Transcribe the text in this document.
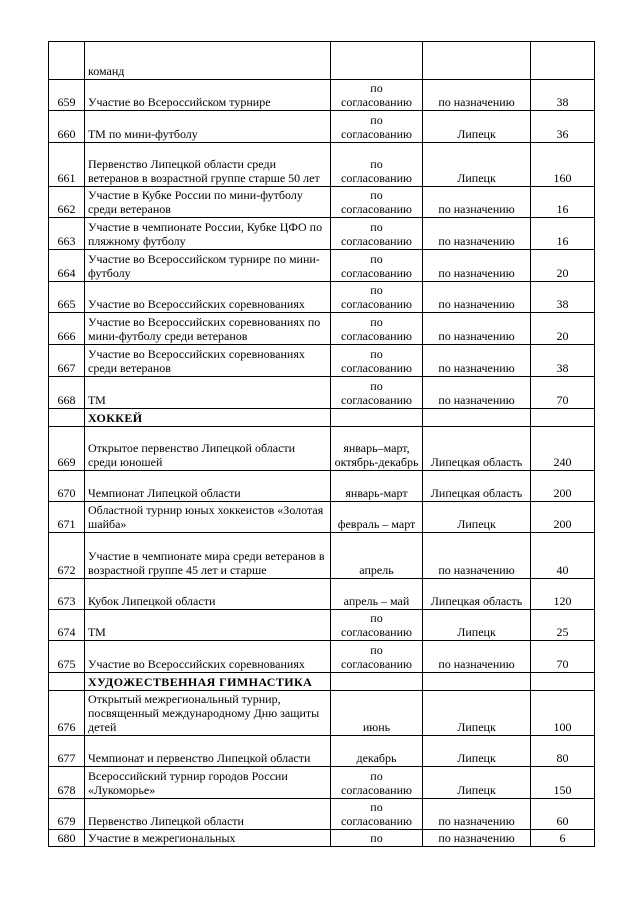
	команд			
659	Участие во Всероссийском турнире	по согласованию	по назначению	38
660	ТМ по мини-футболу	по согласованию	Липецк	36
661	Первенство Липецкой области среди ветеранов в возрастной группе старше 50 лет	по согласованию	Липецк	160
662	Участие в Кубке России по мини-футболу среди ветеранов	по согласованию	по назначению	16
663	Участие в чемпионате России, Кубке ЦФО по пляжному футболу	по согласованию	по назначению	16
664	Участие во Всероссийском турнире по мини-футболу	по согласованию	по назначению	20
665	Участие во Всероссийских соревнованиях	по согласованию	по назначению	38
666	Участие во Всероссийских соревнованиях по мини-футболу среди ветеранов	по согласованию	по назначению	20
667	Участие во Всероссийских соревнованиях среди ветеранов	по согласованию	по назначению	38
668	ТМ	по согласованию	по назначению	70
	ХОККЕЙ			
669	Открытое первенство Липецкой области среди юношей	январь–март, октябрь-декабрь	Липецкая область	240
670	Чемпионат Липецкой области	январь-март	Липецкая область	200
671	Областной турнир юных хоккеистов «Золотая шайба»	февраль – март	Липецк	200
672	Участие в чемпионате мира среди ветеранов в возрастной группе 45 лет и старше	апрель	по назначению	40
673	Кубок Липецкой области	апрель – май	Липецкая область	120
674	ТМ	по согласованию	Липецк	25
675	Участие во Всероссийских соревнованиях	по согласованию	по назначению	70
	ХУДОЖЕСТВЕННАЯ ГИМНАСТИКА			
676	Открытый межрегиональный турнир, посвященный международному Дню защиты детей	июнь	Липецк	100
677	Чемпионат и первенство Липецкой области	декабрь	Липецк	80
678	Всероссийский турнир городов России «Лукоморье»	по согласованию	Липецк	150
679	Первенство Липецкой области	по согласованию	по назначению	60
680	Участие в межрегиональных	по	по назначению	6
